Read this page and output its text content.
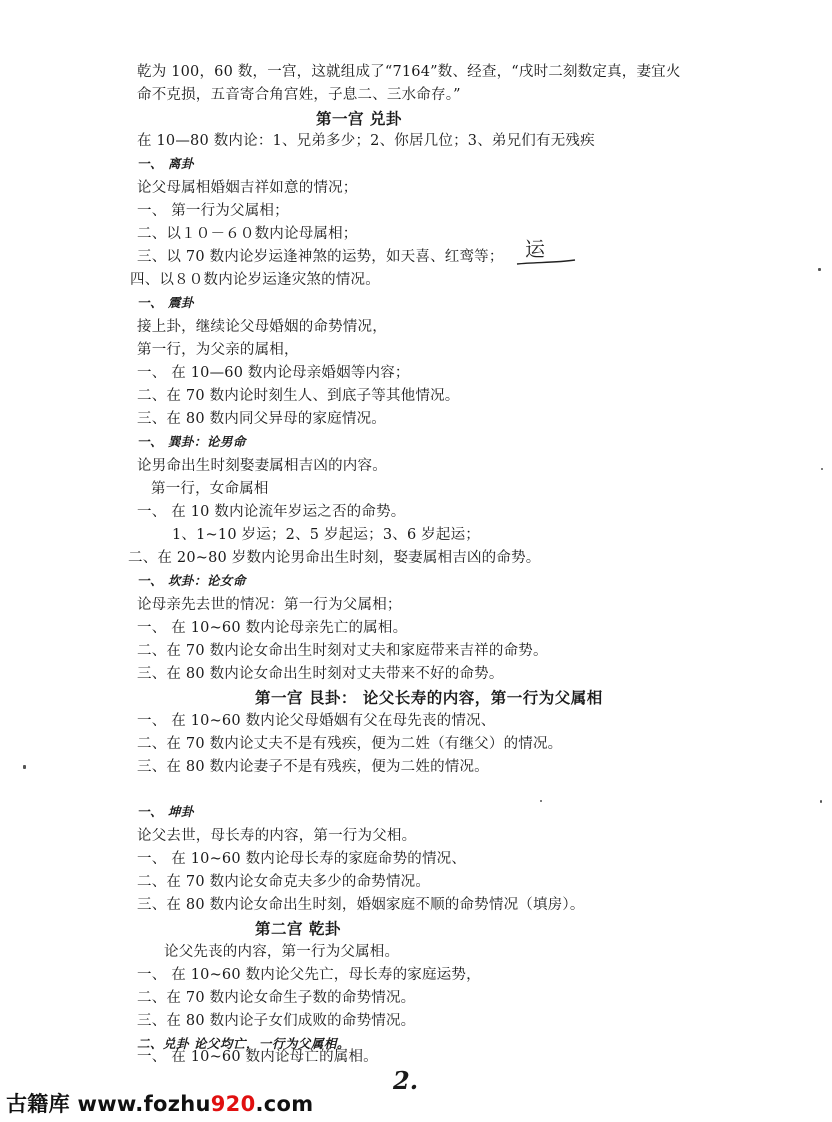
乾为 100，60 数，一宫，这就组成了“7164”数、经查，“戌时二刻数定真，妻宜火
命不克损，五音寄合角宫姓，子息二、三水命存。”
第一宫 兑卦
在 10—80 数内论：1、兄弟多少；2、你居几位；3、弟兄们有无残疾
一、 离卦
论父母属相婚姻吉祥如意的情况；
一、 第一行为父属相；
二、以１０－６０数内论母属相；
三、以 70 数内论岁运逢神煞的运势，如天喜、红鸾等；
四、以８０数内论岁运逢灾煞的情况。
一、 震卦
接上卦，继续论父母婚姻的命势情况，
第一行，为父亲的属相，
一、 在 10—60 数内论母亲婚姻等内容；
二、在 70 数内论时刻生人、到底子等其他情况。
三、在 80 数内同父异母的家庭情况。
一、 巽卦：论男命
论男命出生时刻娶妻属相吉凶的内容。
第一行，女命属相
一、 在 10 数内论流年岁运之否的命势。
1、1~10 岁运；2、5 岁起运；3、6 岁起运；
二、在 20~80 岁数内论男命出生时刻，娶妻属相吉凶的命势。
一、 坎卦：论女命
论母亲先去世的情况：第一行为父属相；
一、 在 10~60 数内论母亲先亡的属相。
二、在 70 数内论女命出生时刻对丈夫和家庭带来吉祥的命势。
三、在 80 数内论女命出生时刻对丈夫带来不好的命势。
第一宫 艮卦： 论父长寿的内容，第一行为父属相
一、 在 10~60 数内论父母婚姻有父在母先丧的情况、
二、在 70 数内论丈夫不是有残疾，便为二姓（有继父）的情况。
三、在 80 数内论妻子不是有残疾，便为二姓的情况。
一、 坤卦
论父去世，母长寿的内容，第一行为父相。
一、 在 10~60 数内论母长寿的家庭命势的情况、
二、在 70 数内论女命克夫多少的命势情况。
三、在 80 数内论女命出生时刻，婚姻家庭不顺的命势情况（填房）。
第二宫 乾卦
论父先丧的内容，第一行为父属相。
一、 在 10~60 数内论父先亡，母长寿的家庭运势，
二、在 70 数内论女命生子数的命势情况。
三、在 80 数内论子女们成败的命势情况。
二、兑卦 论父均亡，一行为父属相。
一、 在 10~60 数内论母亡的属相。
运
2.
古籍库 www.fozhu920.com
